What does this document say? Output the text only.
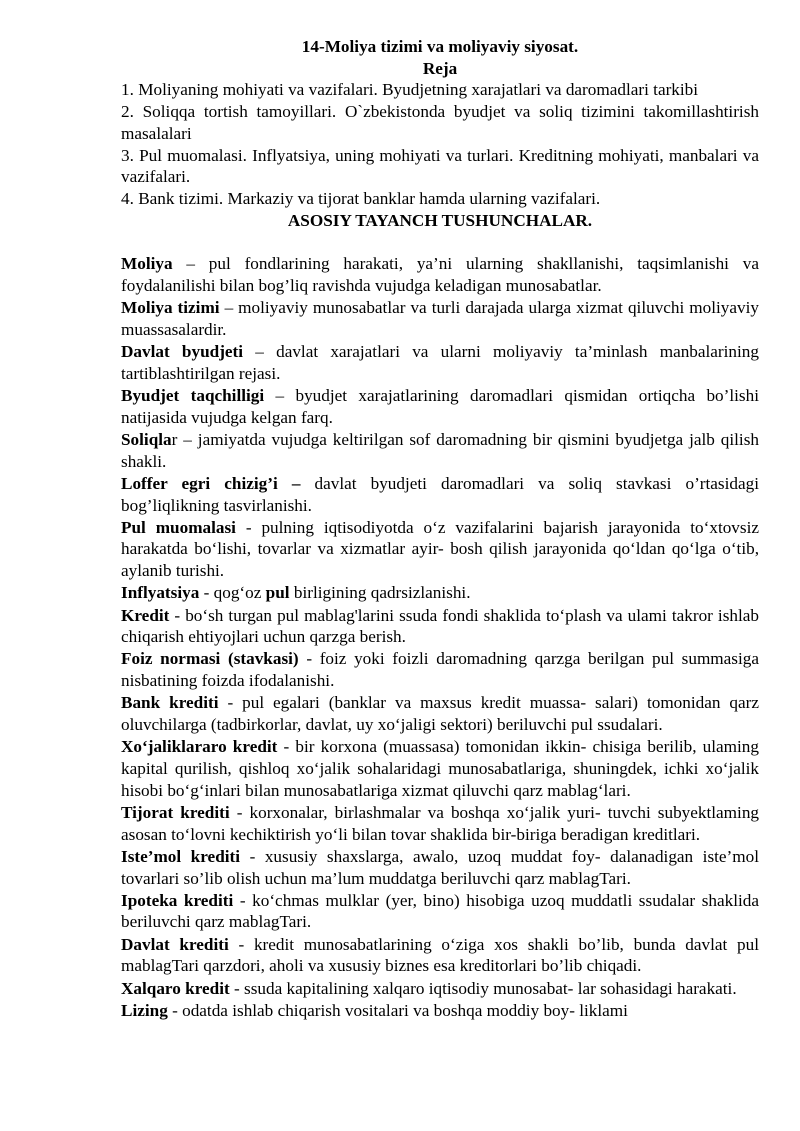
14-Moliya tizimi va moliyaviy siyosat.

Reja

1. Moliyaning mohiyati va vazifalari. Byudjetning xarajatlari va daromadlari tarkibi

2. Soliqqa tortish tamoyillari. O`zbekistonda byudjet va soliq tizimini takomillashtirish masalalari

3. Pul muomalasi. Inflyatsiya, uning mohiyati va turlari. Kreditning mohiyati, manbalari va vazifalari.

4. Bank tizimi. Markaziy va tijorat banklar hamda ularning vazifalari.

ASOSIY TAYANCH TUSHUNCHALAR.

Moliya – pul fondlarining harakati, ya’ni ularning shakllanishi, taqsimlanishi va foydalanilishi bilan bog’liq ravishda vujudga keladigan munosabatlar.

Moliya tizimi – moliyaviy munosabatlar va turli darajada ularga xizmat qiluvchi moliyaviy muassasalardir.

Davlat byudjeti – davlat xarajatlari va ularni moliyaviy ta’minlash manbalarining tartiblashtirilgan rejasi.

Byudjet taqchilligi – byudjet xarajatlarining daromadlari qismidan ortiqcha bo’lishi natijasida vujudga kelgan farq.

Soliqlar – jamiyatda vujudga keltirilgan sof daromadning bir qismini byudjetga jalb qilish shakli.

Loffer egri chizig’i – davlat byudjeti daromadlari va soliq stavkasi o’rtasidagi bog’liqlikning tasvirlanishi.

Pul muomalasi - pulning iqtisodiyotda o‘z vazifalarini bajarish jarayonida to‘xtovsiz harakatda bo‘lishi, tovarlar va xizmatlar ayir- bosh qilish jarayonida qo‘ldan qo‘lga o‘tib, aylanib turishi.

Inflyatsiya - qog‘oz pul birligining qadrsizlanishi.

Kredit - bo‘sh turgan pul mablag'larini ssuda fondi shaklida to‘plash va ulami takror ishlab chiqarish ehtiyojlari uchun qarzga berish.

Foiz normasi (stavkasi) - foiz yoki foizli daromadning qarzga berilgan pul summasiga nisbatining foizda ifodalanishi.

Bank krediti - pul egalari (banklar va maxsus kredit muassa- salari) tomonidan qarz oluvchilarga (tadbirkorlar, davlat, uy xo‘jaligi sektori) beriluvchi pul ssudalari.

Xo‘jaliklararo kredit - bir korxona (muassasa) tomonidan ikkin- chisiga berilib, ulaming kapital qurilish, qishloq xo‘jalik sohalaridagi munosabatlariga, shuningdek, ichki xo‘jalik hisobi bo‘g‘inlari bilan munosabatlariga xizmat qiluvchi qarz mablag‘lari.

Tijorat krediti - korxonalar, birlashmalar va boshqa xo‘jalik yuri- tuvchi subyektlaming asosan to‘lovni kechiktirish yo‘li bilan tovar shaklida bir-biriga beradigan kreditlari.

Iste’mol krediti - xususiy shaxslarga, awalo, uzoq muddat foy- dalanadigan iste’mol tovarlari so’lib olish uchun ma’lum muddatga beriluvchi qarz mablagTari.

Ipoteka krediti - ko‘chmas mulklar (yer, bino) hisobiga uzoq muddatli ssudalar shaklida beriluvchi qarz mablagTari.

Davlat krediti - kredit munosabatlarining o‘ziga xos shakli bo’lib, bunda davlat pul mablagTari qarzdori, aholi va xususiy biznes esa kreditorlari bo’lib chiqadi.

Xalqaro kredit - ssuda kapitalining xalqaro iqtisodiy munosabat- lar sohasidagi harakati.

Lizing - odatda ishlab chiqarish vositalari va boshqa moddiy boy- liklami
